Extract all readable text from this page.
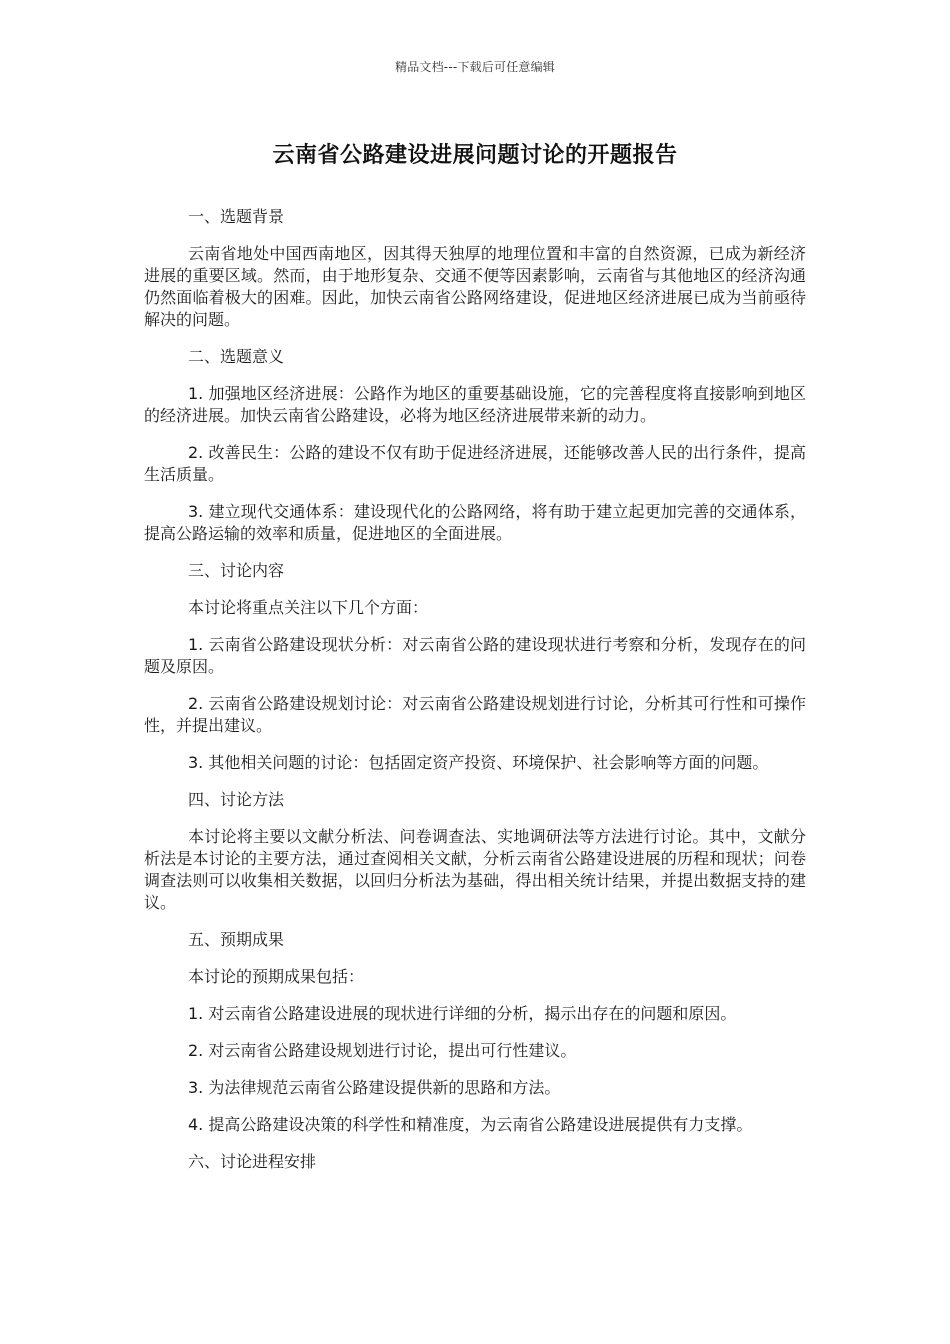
精品文档---下载后可任意编辑
云南省公路建设进展问题讨论的开题报告

一、选题背景

云南省地处中国西南地区，因其得天独厚的地理位置和丰富的自然资源，已成为新经济进展的重要区域。然而，由于地形复杂、交通不便等因素影响，云南省与其他地区的经济沟通仍然面临着极大的困难。因此，加快云南省公路网络建设，促进地区经济进展已成为当前亟待解决的问题。

二、选题意义

1. 加强地区经济进展：公路作为地区的重要基础设施，它的完善程度将直接影响到地区的经济进展。加快云南省公路建设，必将为地区经济进展带来新的动力。

2. 改善民生：公路的建设不仅有助于促进经济进展，还能够改善人民的出行条件，提高生活质量。

3. 建立现代交通体系：建设现代化的公路网络，将有助于建立起更加完善的交通体系，提高公路运输的效率和质量，促进地区的全面进展。

三、讨论内容

本讨论将重点关注以下几个方面：

1. 云南省公路建设现状分析：对云南省公路的建设现状进行考察和分析，发现存在的问题及原因。

2. 云南省公路建设规划讨论：对云南省公路建设规划进行讨论，分析其可行性和可操作性，并提出建议。

3. 其他相关问题的讨论：包括固定资产投资、环境保护、社会影响等方面的问题。

四、讨论方法

本讨论将主要以文献分析法、问卷调查法、实地调研法等方法进行讨论。其中，文献分析法是本讨论的主要方法，通过查阅相关文献，分析云南省公路建设进展的历程和现状；问卷调查法则可以收集相关数据，以回归分析法为基础，得出相关统计结果，并提出数据支持的建议。

五、预期成果

本讨论的预期成果包括：

1. 对云南省公路建设进展的现状进行详细的分析，揭示出存在的问题和原因。

2. 对云南省公路建设规划进行讨论，提出可行性建议。

3. 为法律规范云南省公路建设提供新的思路和方法。

4. 提高公路建设决策的科学性和精准度，为云南省公路建设进展提供有力支撑。

六、讨论进程安排
